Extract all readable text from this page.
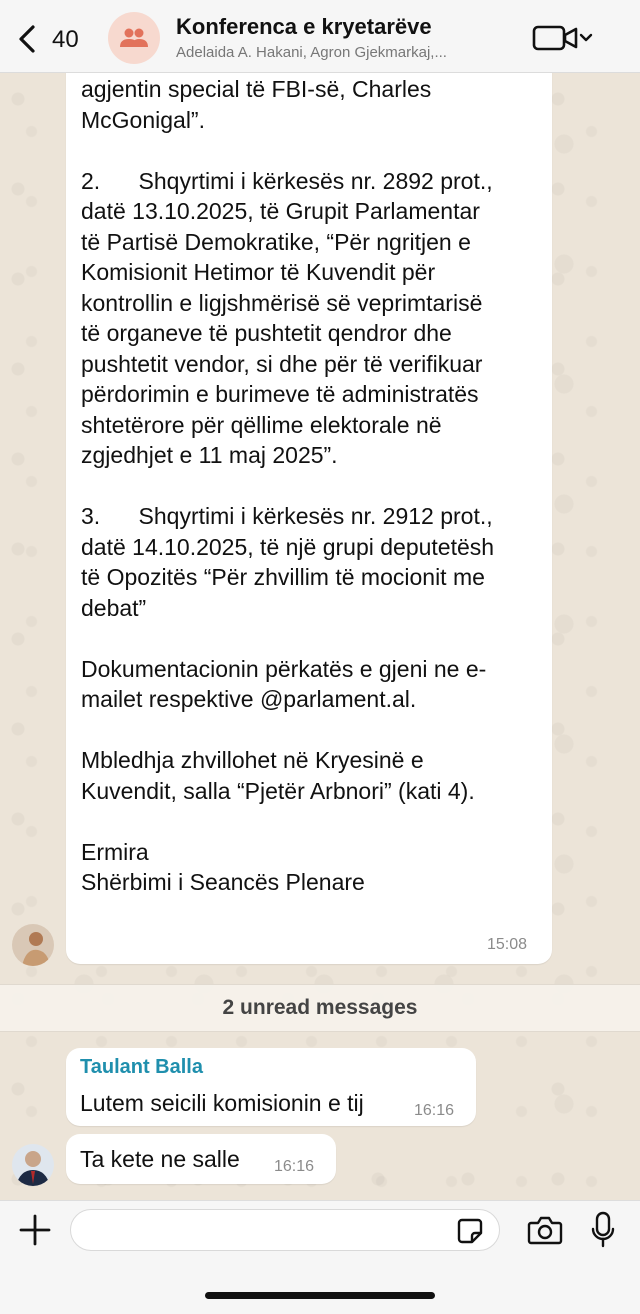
40	Konferenca e kryetarëve
Adelaida A. Hakani, Agron Gjekmarkaj,...
agjentin special të FBI-së, Charles
McGonigal”.

2.      Shqyrtimi i kërkesës nr. 2892 prot.,
datë 13.10.2025, të Grupit Parlamentar
të Partisë Demokratike, “Për ngritjen e
Komisionit Hetimor të Kuvendit për
kontrollin e ligjshmërisë së veprimtarisë
të organeve të pushtetit qendror dhe
pushtetit vendor, si dhe për të verifikuar
përdorimin e burimeve të administratës
shtetërore për qëllime elektorale në
zgjedhjet e 11 maj 2025”.

3.      Shqyrtimi i kërkesës nr. 2912 prot.,
datë 14.10.2025, të një grupi deputetësh
të Opozitës “Për zhvillim të mocionit me
debat”

Dokumentacionin përkatës e gjeni ne e-
mailet respektive @parlament.al.

Mbledhja zhvillohet në Kryesinë e
Kuvendit, salla “Pjetër Arbnori” (kati 4).

Ermira
Shërbimi i Seancës Plenare
15:08
2 unread messages
Taulant Balla
Lutem seicili komisionin e tij	16:16
Ta kete ne salle 16:16
